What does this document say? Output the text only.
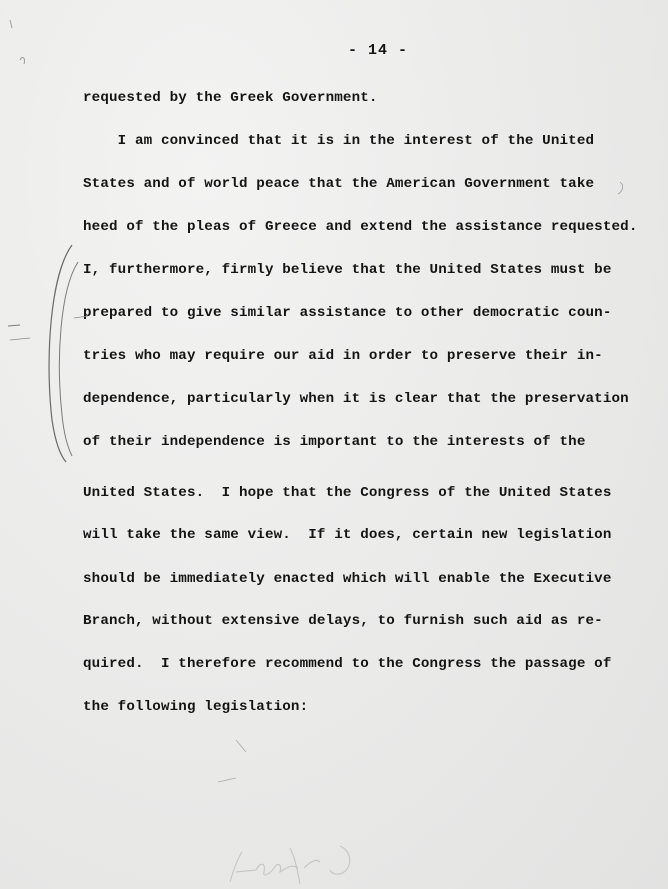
- 14 -
requested by the Greek Government.
I am convinced that it is in the interest of the United
States and of world peace that the American Government take
heed of the pleas of Greece and extend the assistance requested.
I, furthermore, firmly believe that the United States must be
prepared to give similar assistance to other democratic coun-
tries who may require our aid in order to preserve their in-
dependence, particularly when it is clear that the preservation
of their independence is important to the interests of the
United States.  I hope that the Congress of the United States
will take the same view.  If it does, certain new legislation
should be immediately enacted which will enable the Executive
Branch, without extensive delays, to furnish such aid as re-
quired.  I therefore recommend to the Congress the passage of
the following legislation:
